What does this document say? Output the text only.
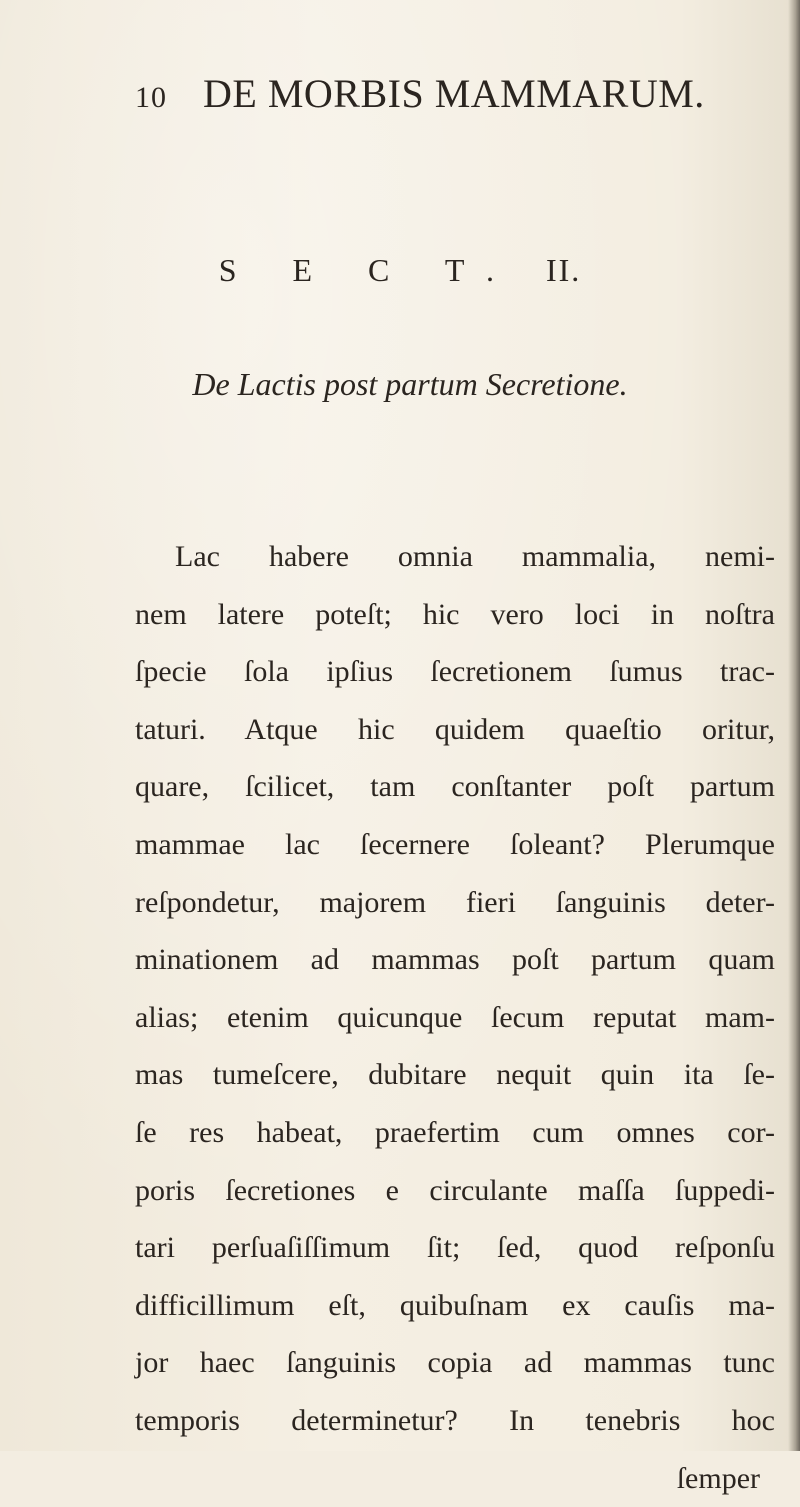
10 DE MORBIS MAMMARUM.
S E C T. II.
De Lactis post partum Secretione.
Lac habere omnia mammalia, nemi-
nem latere poteſt; hic vero loci in noſtra
ſpecie ſola ipſius ſecretionem ſumus trac-
taturi. Atque hic quidem quaeſtio oritur,
quare, ſcilicet, tam conſtanter poſt partum
mammae lac ſecernere ſoleant? Plerumque
reſpondetur, majorem fieri ſanguinis deter-
minationem ad mammas poſt partum quam
alias; etenim quicunque ſecum reputat mam-
mas tumeſcere, dubitare nequit quin ita ſe-
ſe res habeat, praefertim cum omnes cor-
poris ſecretiones e circulante maſſa ſuppedi-
tari perſuaſiſſimum ſit; ſed, quod reſponſu
difficillimum eſt, quibuſnam ex cauſis ma-
jor haec ſanguinis copia ad mammas tunc
temporis determinetur? In tenebris hoc
ſemper
